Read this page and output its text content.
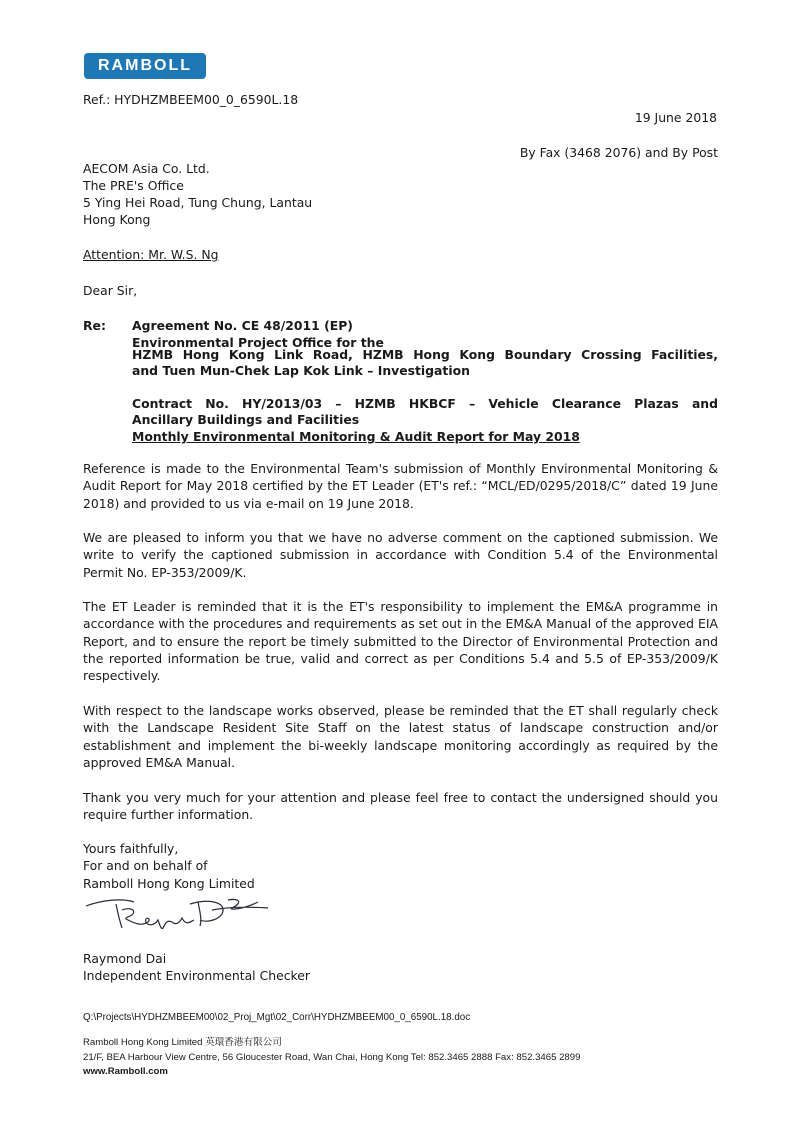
RAMBOLL
Ref.: HYDHZMBEEM00_0_6590L.18
19 June 2018
By Fax (3468 2076) and By Post
AECOM Asia Co. Ltd.
The PRE's Office
5 Ying Hei Road, Tung Chung, Lantau
Hong Kong
Attention: Mr. W.S. Ng
Dear Sir,
Re: Agreement No. CE 48/2011 (EP)
Environmental Project Office for the
HZMB Hong Kong Link Road, HZMB Hong Kong Boundary Crossing Facilities,
and Tuen Mun-Chek Lap Kok Link – Investigation
Contract No. HY/2013/03 – HZMB HKBCF – Vehicle Clearance Plazas and
Ancillary Buildings and Facilities
Monthly Environmental Monitoring & Audit Report for May 2018
Reference is made to the Environmental Team's submission of Monthly Environmental Monitoring & Audit Report for May 2018 certified by the ET Leader (ET's ref.: “MCL/ED/0295/2018/C” dated 19 June 2018) and provided to us via e-mail on 19 June 2018.
We are pleased to inform you that we have no adverse comment on the captioned submission. We write to verify the captioned submission in accordance with Condition 5.4 of the Environmental Permit No. EP-353/2009/K.
The ET Leader is reminded that it is the ET's responsibility to implement the EM&A programme in accordance with the procedures and requirements as set out in the EM&A Manual of the approved EIA Report, and to ensure the report be timely submitted to the Director of Environmental Protection and the reported information be true, valid and correct as per Conditions 5.4 and 5.5 of EP-353/2009/K respectively.
With respect to the landscape works observed, please be reminded that the ET shall regularly check with the Landscape Resident Site Staff on the latest status of landscape construction and/or establishment and implement the bi-weekly landscape monitoring accordingly as required by the approved EM&A Manual.
Thank you very much for your attention and please feel free to contact the undersigned should you require further information.
Yours faithfully,
For and on behalf of
Ramboll Hong Kong Limited
Raymond Dai
Independent Environmental Checker
Q:\Projects\HYDHZMBEEM00\02_Proj_Mgt\02_Corr\HYDHZMBEEM00_0_6590L.18.doc
Ramboll Hong Kong Limited 英環香港有限公司
21/F, BEA Harbour View Centre, 56 Gloucester Road, Wan Chai, Hong Kong Tel: 852.3465 2888 Fax: 852.3465 2899
www.Ramboll.com
